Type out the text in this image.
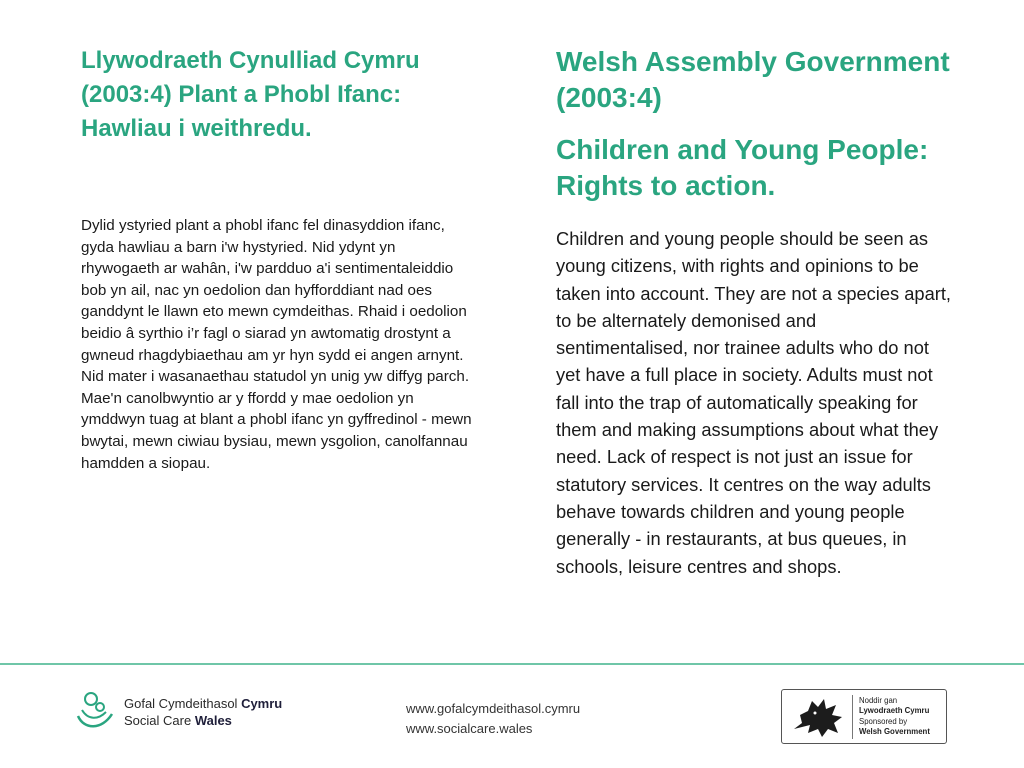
Llywodraeth Cynulliad Cymru (2003:4) Plant a Phobl Ifanc: Hawliau i weithredu.

Dylid ystyried plant a phobl ifanc fel dinasyddion ifanc, gyda hawliau a barn i'w hystyried. Nid ydynt yn rhywogaeth ar wahân, i'w pardduo a'i sentimentaleiddio bob yn ail, nac yn oedolion dan hyfforddiant nad oes ganddynt le llawn eto mewn cymdeithas. Rhaid i oedolion beidio â syrthio i’r fagl o siarad yn awtomatig drostynt a gwneud rhagdybiaethau am yr hyn sydd ei angen arnynt. Nid mater i wasanaethau statudol yn unig yw diffyg parch. Mae'n canolbwyntio ar y ffordd y mae oedolion yn ymddwyn tuag at blant a phobl ifanc yn gyffredinol - mewn bwytai, mewn ciwiau bysiau, mewn ysgolion, canolfannau hamdden a siopau.

Welsh Assembly Government (2003:4)
Children and Young People: Rights to action.

Children and young people should be seen as young citizens, with rights and opinions to be taken into account. They are not a species apart, to be alternately demonised and sentimentalised, nor trainee adults who do not yet have a full place in society. Adults must not fall into the trap of automatically speaking for them and making assumptions about what they need. Lack of respect is not just an issue for statutory services. It centres on the way adults behave towards children and young people generally - in restaurants, at bus queues, in schools, leisure centres and shops.

Gofal Cymdeithasol Cymru
Social Care Wales
www.gofalcymdeithasol.cymru
www.socialcare.wales
Noddir gan
Lywodraeth Cymru
Sponsored by
Welsh Government
